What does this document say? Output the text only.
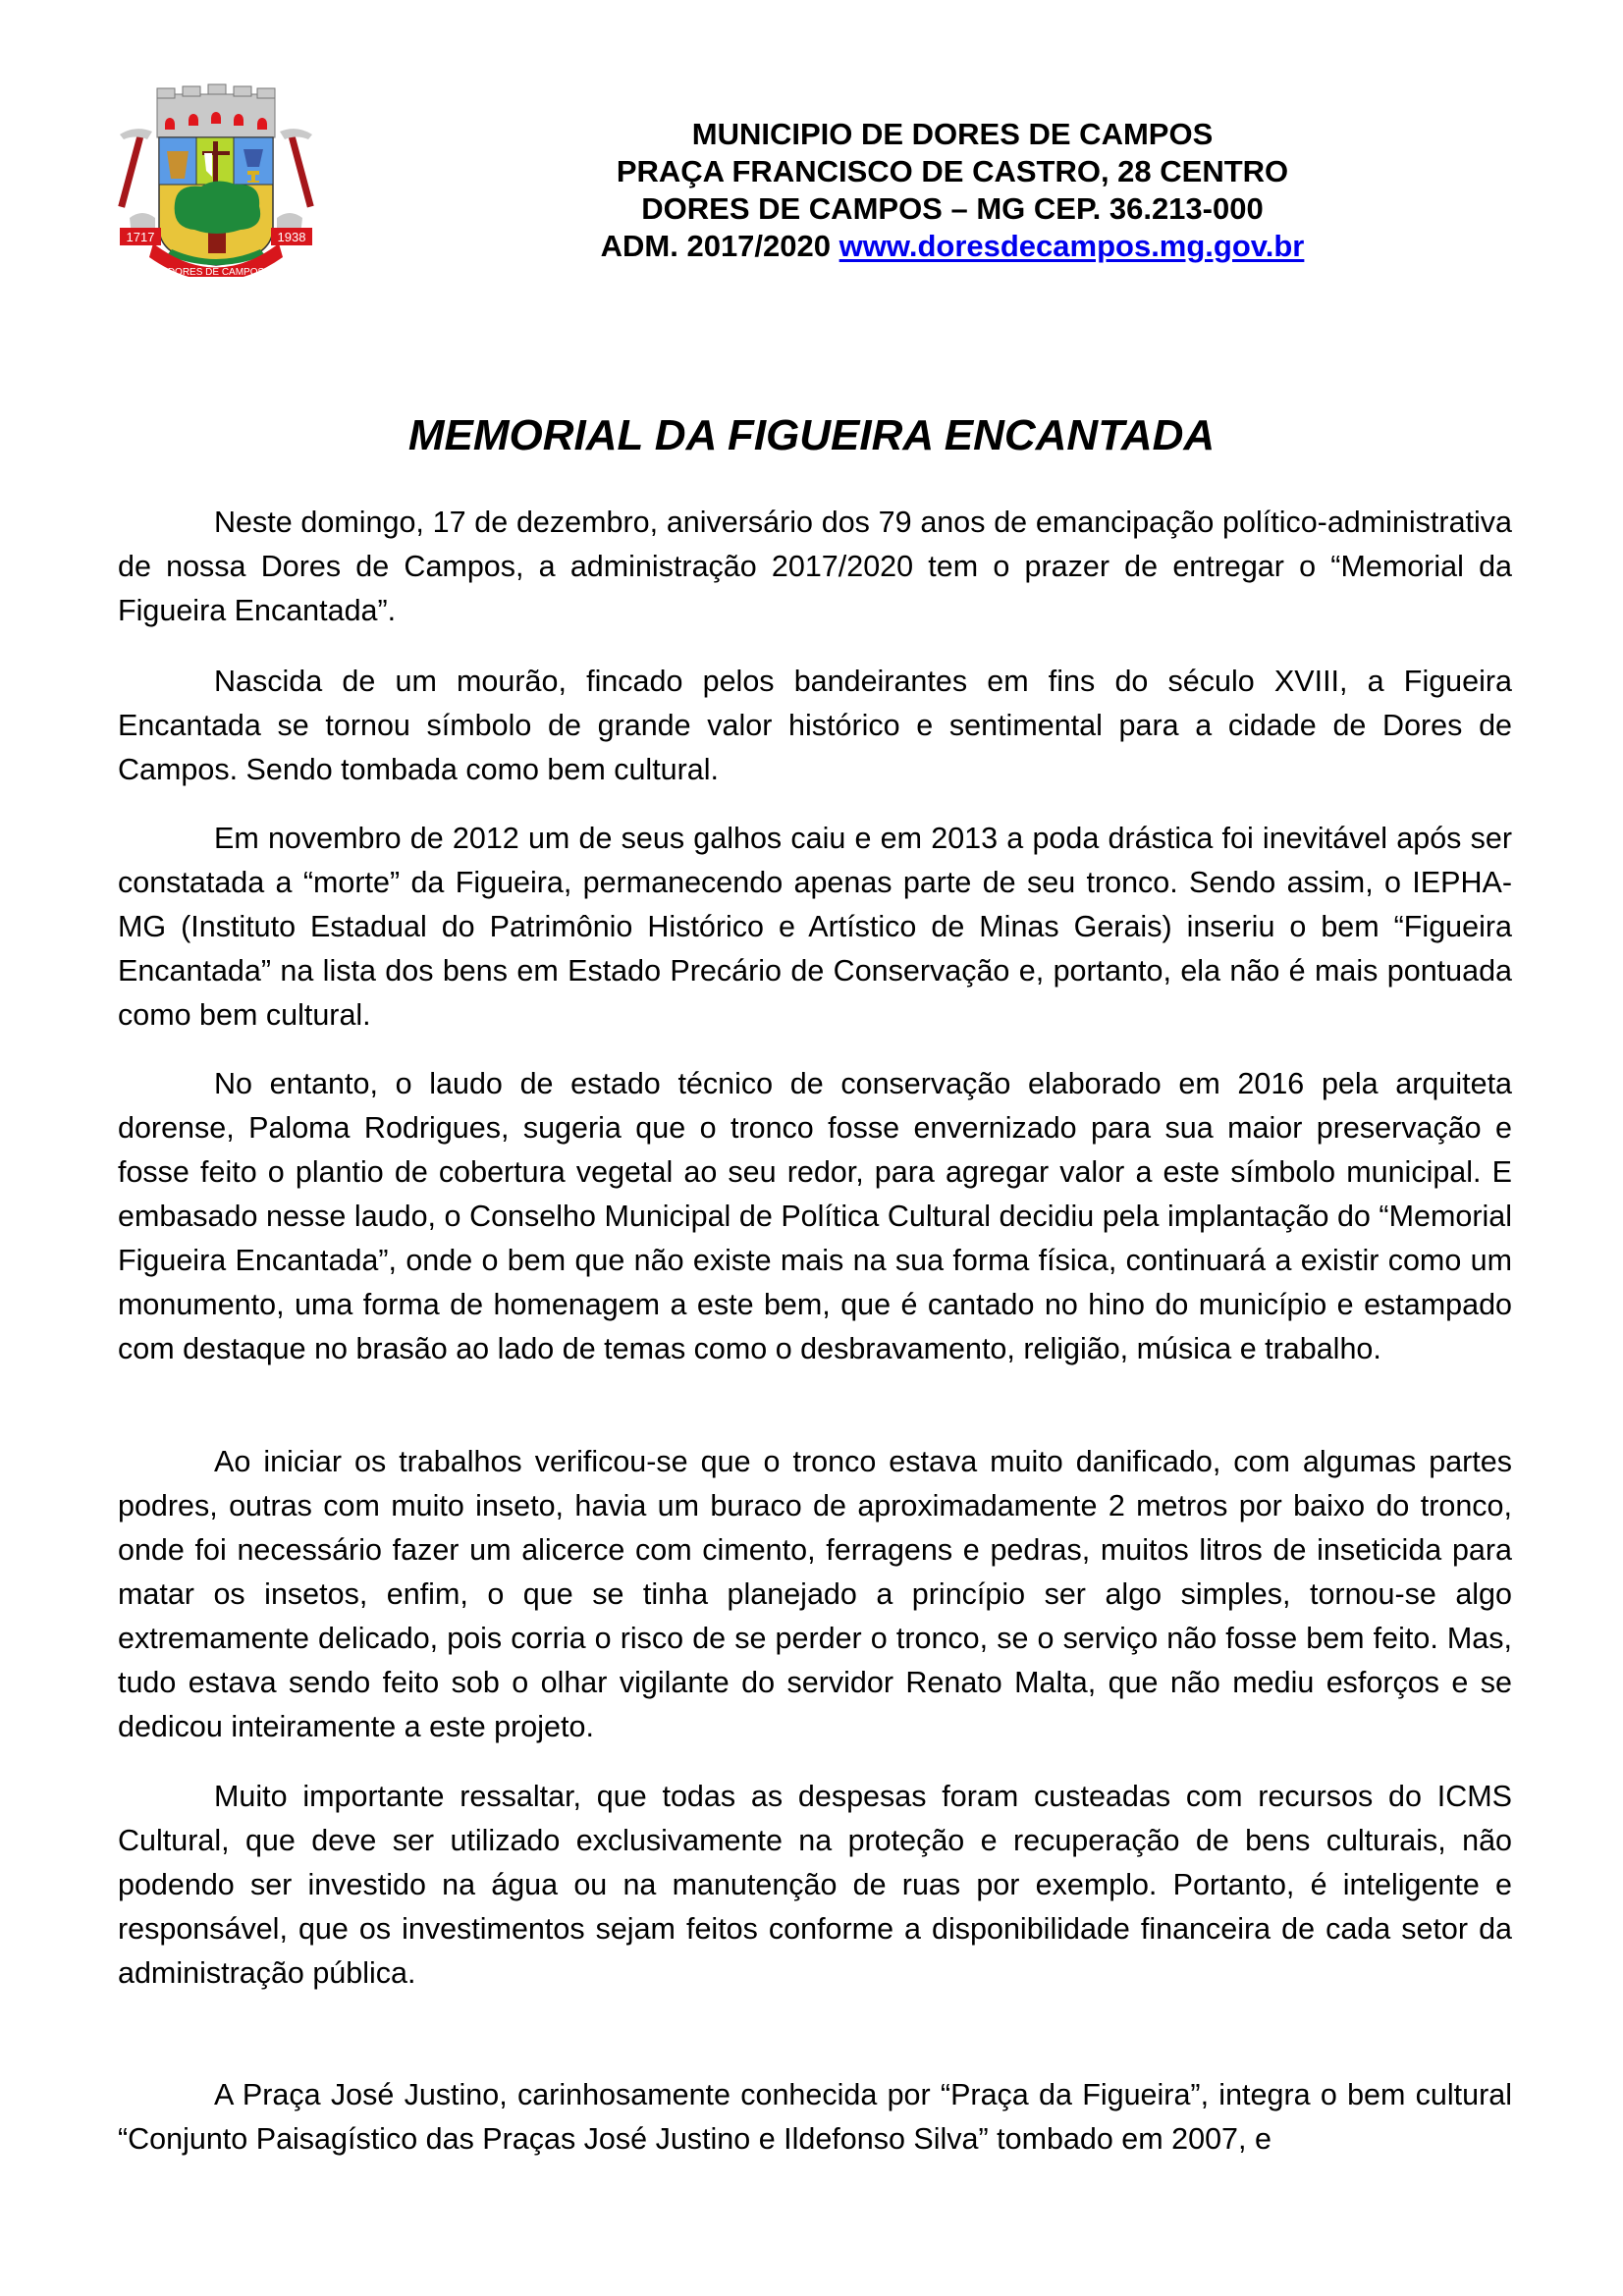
1717	1938
DORES DE CAMPOS
MUNICIPIO DE DORES DE CAMPOS
PRAÇA FRANCISCO DE CASTRO, 28 CENTRO
DORES DE CAMPOS – MG CEP. 36.213-000
ADM. 2017/2020 www.doresdecampos.mg.gov.br
MEMORIAL DA FIGUEIRA ENCANTADA

Neste domingo, 17 de dezembro, aniversário dos 79 anos de emancipação político-administrativa de nossa Dores de Campos, a administração 2017/2020 tem o prazer de entregar o “Memorial da Figueira Encantada”.

Nascida de um mourão, fincado pelos bandeirantes em fins do século XVIII, a Figueira Encantada se tornou símbolo de grande valor histórico e sentimental para a cidade de Dores de Campos. Sendo tombada como bem cultural.

Em novembro de 2012 um de seus galhos caiu e em 2013 a poda drástica foi inevitável após ser constatada a “morte” da Figueira, permanecendo apenas parte de seu tronco. Sendo assim, o IEPHA-MG (Instituto Estadual do Patrimônio Histórico e Artístico de Minas Gerais) inseriu o bem “Figueira Encantada” na lista dos bens em Estado Precário de Conservação e, portanto, ela não é mais pontuada como bem cultural.

No entanto, o laudo de estado técnico de conservação elaborado em 2016 pela arquiteta dorense, Paloma Rodrigues, sugeria que o tronco fosse envernizado para sua maior preservação e fosse feito o plantio de cobertura vegetal ao seu redor, para agregar valor a este símbolo municipal. E embasado nesse laudo, o Conselho Municipal de Política Cultural decidiu pela implantação do “Memorial Figueira Encantada”, onde o bem que não existe mais na sua forma física, continuará a existir como um monumento, uma forma de homenagem a este bem, que é cantado no hino do município e estampado com destaque no brasão ao lado de temas como o desbravamento, religião, música e trabalho.

Ao iniciar os trabalhos verificou-se que o tronco estava muito danificado, com algumas partes podres, outras com muito inseto, havia um buraco de aproximadamente 2 metros por baixo do tronco, onde foi necessário fazer um alicerce com cimento, ferragens e pedras, muitos litros de inseticida para matar os insetos, enfim, o que se tinha planejado a princípio ser algo simples, tornou-se algo extremamente delicado, pois corria o risco de se perder o tronco, se o serviço não fosse bem feito. Mas, tudo estava sendo feito sob o olhar vigilante do servidor Renato Malta, que não mediu esforços e se dedicou inteiramente a este projeto.

Muito importante ressaltar, que todas as despesas foram custeadas com recursos do ICMS Cultural, que deve ser utilizado exclusivamente na proteção e recuperação de bens culturais, não podendo ser investido na água ou na manutenção de ruas por exemplo. Portanto, é inteligente e responsável, que os investimentos sejam feitos conforme a disponibilidade financeira de cada setor da administração pública.

A Praça José Justino, carinhosamente conhecida por “Praça da Figueira”, integra o bem cultural “Conjunto Paisagístico das Praças José Justino e Ildefonso Silva” tombado em 2007, e
